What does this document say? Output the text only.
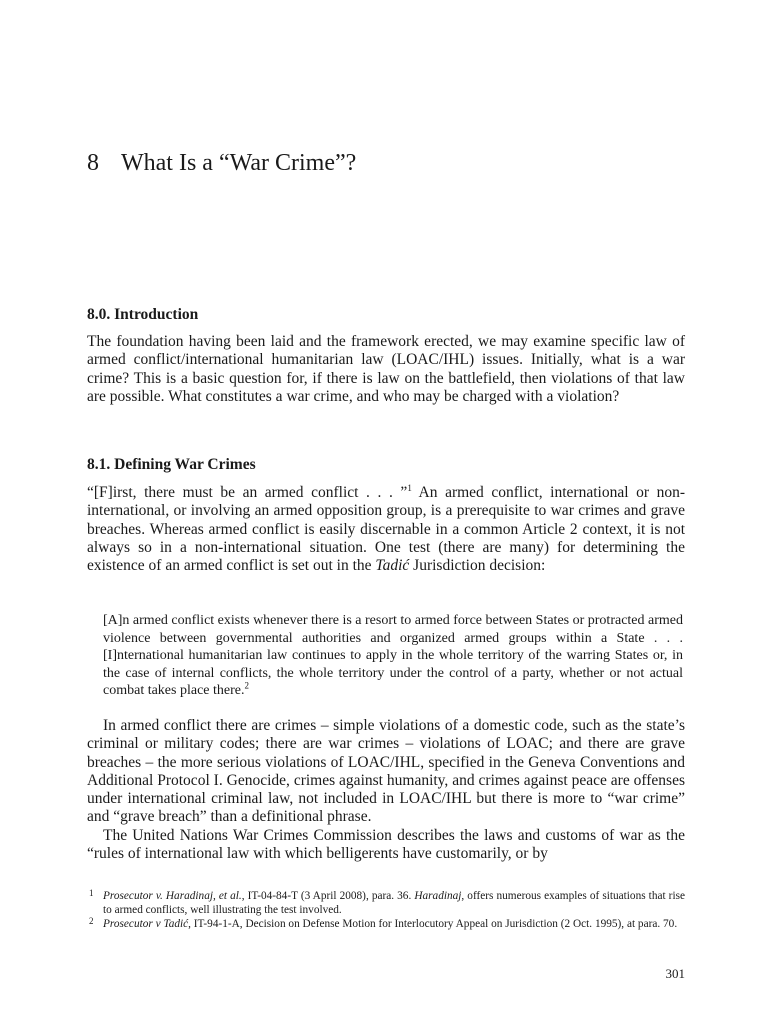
8 What Is a “War Crime”?
8.0. Introduction

The foundation having been laid and the framework erected, we may examine specific law of armed conflict/international humanitarian law (LOAC/IHL) issues. Initially, what is a war crime? This is a basic question for, if there is law on the battlefield, then violations of that law are possible. What constitutes a war crime, and who may be charged with a violation?

8.1. Defining War Crimes

“[F]irst, there must be an armed conflict . . . ”$^1$ An armed conflict, international or non-international, or involving an armed opposition group, is a prerequisite to war crimes and grave breaches. Whereas armed conflict is easily discernable in a common Article 2 context, it is not always so in a non-international situation. One test (there are many) for determining the existence of an armed conflict is set out in the Tadić Jurisdiction decision:

[A]n armed conflict exists whenever there is a resort to armed force between States or protracted armed violence between governmental authorities and organized armed groups within a State . . . [I]nternational humanitarian law continues to apply in the whole territory of the warring States or, in the case of internal conflicts, the whole territory under the control of a party, whether or not actual combat takes place there.$^2$

In armed conflict there are crimes – simple violations of a domestic code, such as the state’s criminal or military codes; there are war crimes – violations of LOAC; and there are grave breaches – the more serious violations of LOAC/IHL, specified in the Geneva Conventions and Additional Protocol I. Genocide, crimes against humanity, and crimes against peace are offenses under international criminal law, not included in LOAC/IHL but there is more to “war crime” and “grave breach” than a definitional phrase.

The United Nations War Crimes Commission describes the laws and customs of war as the “rules of international law with which belligerents have customarily, or by

1 Prosecutor v. Haradinaj, et al., IT-04-84-T (3 April 2008), para. 36. Haradinaj, offers numerous examples of situations that rise to armed conflicts, well illustrating the test involved.
2 Prosecutor v Tadić, IT-94-1-A, Decision on Defense Motion for Interlocutory Appeal on Jurisdiction (2 Oct. 1995), at para. 70.
301
